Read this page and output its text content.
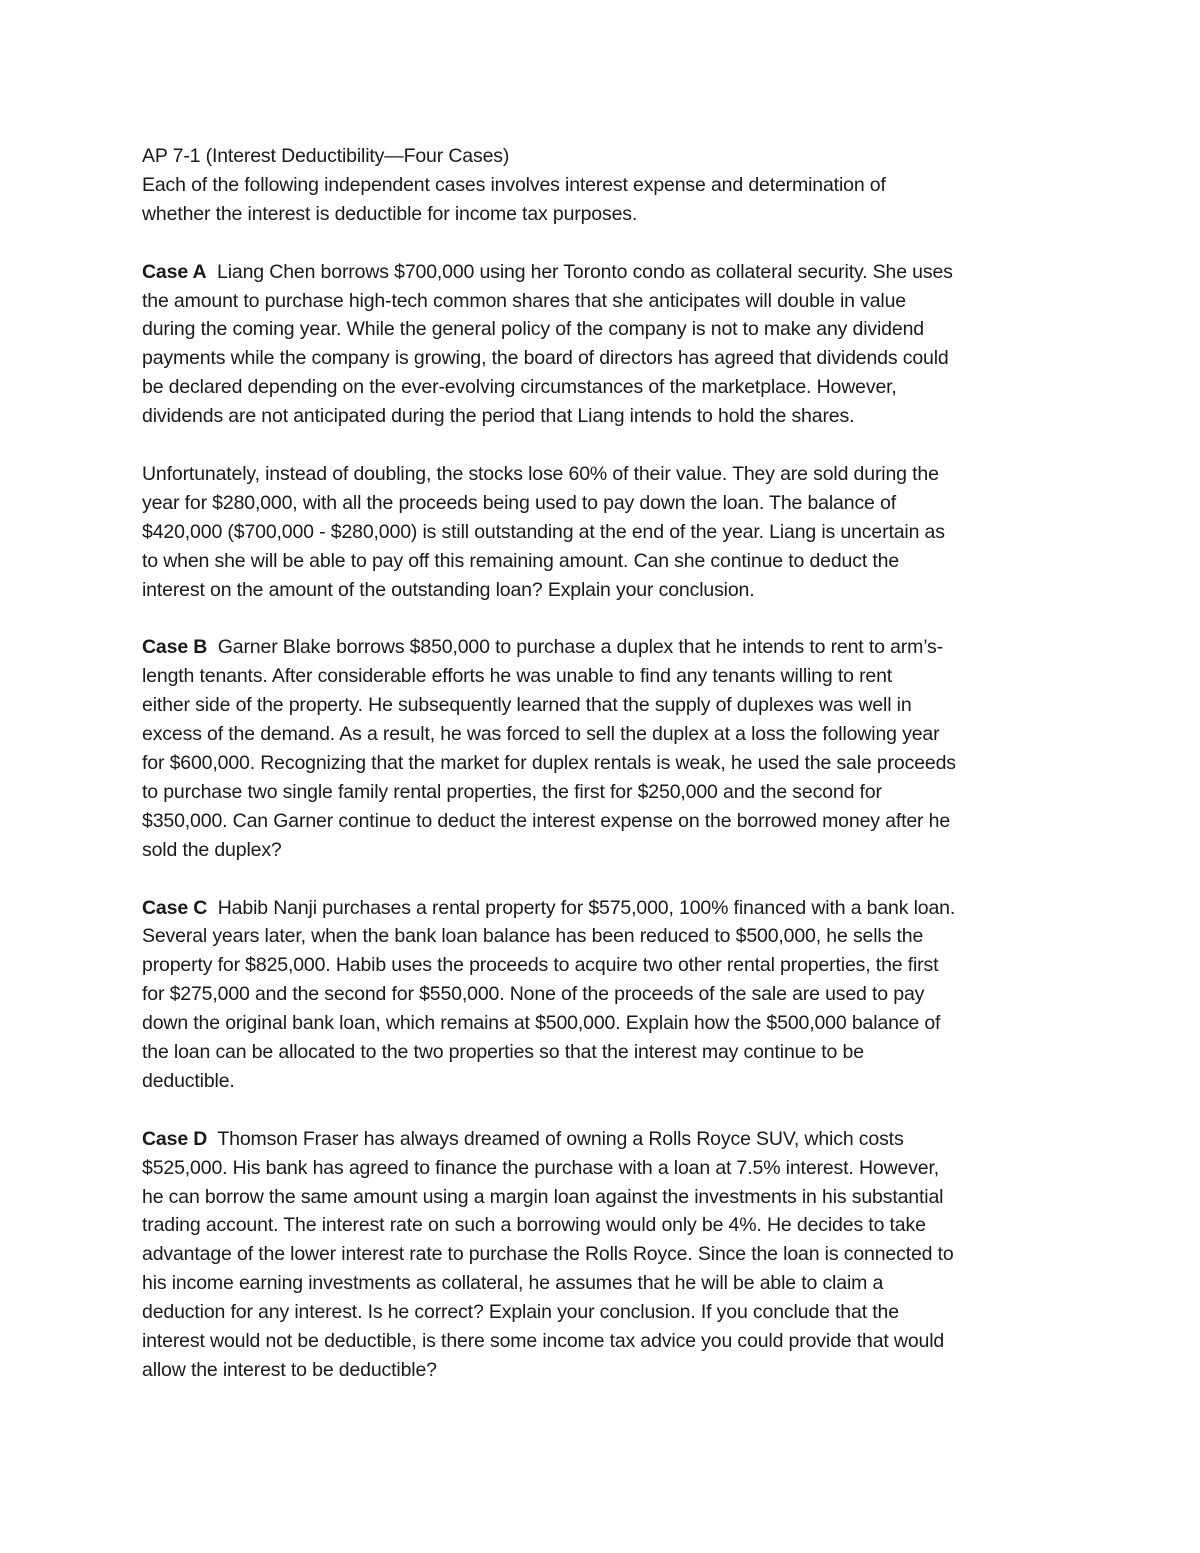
AP 7-1 (Interest Deductibility—Four Cases)
Each of the following independent cases involves interest expense and determination of
whether the interest is deductible for income tax purposes.
Case A  Liang Chen borrows $700,000 using her Toronto condo as collateral security. She uses
the amount to purchase high-tech common shares that she anticipates will double in value
during the coming year. While the general policy of the company is not to make any dividend
payments while the company is growing, the board of directors has agreed that dividends could
be declared depending on the ever-evolving circumstances of the marketplace. However,
dividends are not anticipated during the period that Liang intends to hold the shares.
Unfortunately, instead of doubling, the stocks lose 60% of their value. They are sold during the
year for $280,000, with all the proceeds being used to pay down the loan. The balance of
$420,000 ($700,000 - $280,000) is still outstanding at the end of the year. Liang is uncertain as
to when she will be able to pay off this remaining amount. Can she continue to deduct the
interest on the amount of the outstanding loan? Explain your conclusion.
Case B  Garner Blake borrows $850,000 to purchase a duplex that he intends to rent to arm’s-
length tenants. After considerable efforts he was unable to find any tenants willing to rent
either side of the property. He subsequently learned that the supply of duplexes was well in
excess of the demand. As a result, he was forced to sell the duplex at a loss the following year
for $600,000. Recognizing that the market for duplex rentals is weak, he used the sale proceeds
to purchase two single family rental properties, the first for $250,000 and the second for
$350,000. Can Garner continue to deduct the interest expense on the borrowed money after he
sold the duplex?
Case C  Habib Nanji purchases a rental property for $575,000, 100% financed with a bank loan.
Several years later, when the bank loan balance has been reduced to $500,000, he sells the
property for $825,000. Habib uses the proceeds to acquire two other rental properties, the first
for $275,000 and the second for $550,000. None of the proceeds of the sale are used to pay
down the original bank loan, which remains at $500,000. Explain how the $500,000 balance of
the loan can be allocated to the two properties so that the interest may continue to be
deductible.
Case D  Thomson Fraser has always dreamed of owning a Rolls Royce SUV, which costs
$525,000. His bank has agreed to finance the purchase with a loan at 7.5% interest. However,
he can borrow the same amount using a margin loan against the investments in his substantial
trading account. The interest rate on such a borrowing would only be 4%. He decides to take
advantage of the lower interest rate to purchase the Rolls Royce. Since the loan is connected to
his income earning investments as collateral, he assumes that he will be able to claim a
deduction for any interest. Is he correct? Explain your conclusion. If you conclude that the
interest would not be deductible, is there some income tax advice you could provide that would
allow the interest to be deductible?
